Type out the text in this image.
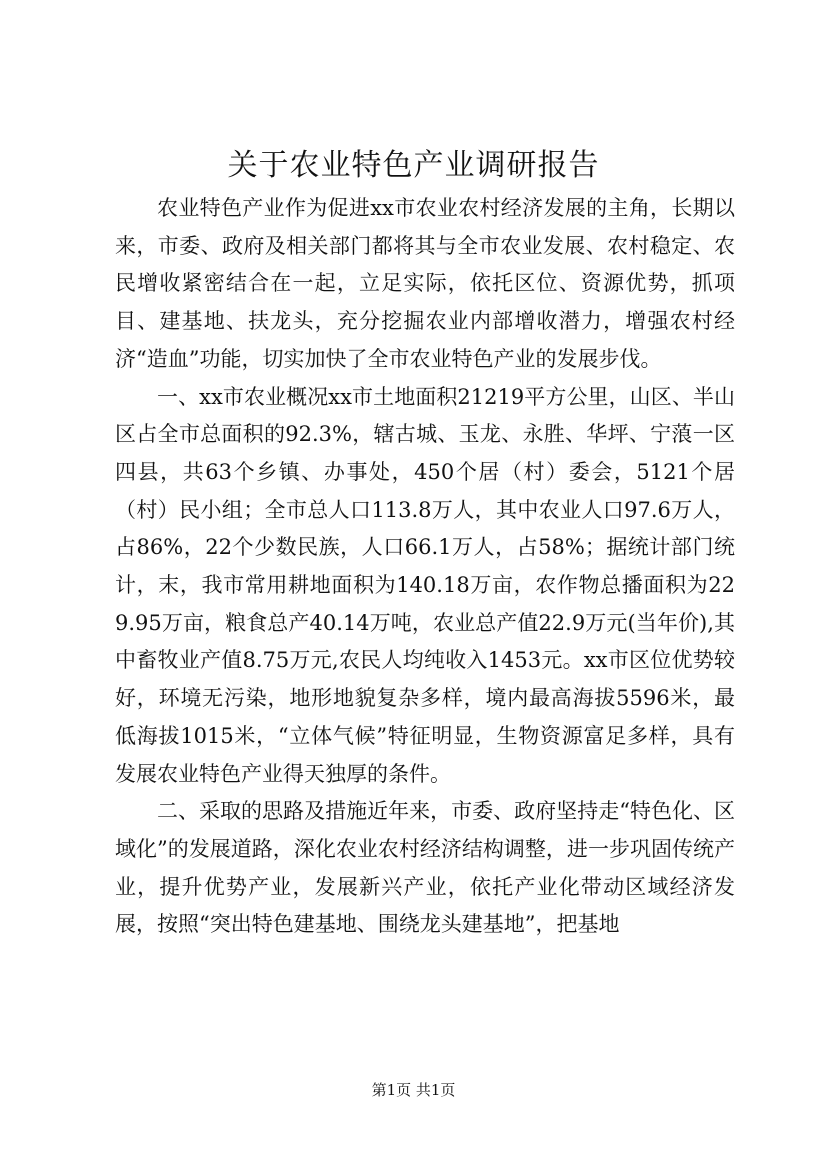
关于农业特色产业调研报告

农业特色产业作为促进xx市农业农村经济发展的主角，长期以来，市委、政府及相关部门都将其与全市农业发展、农村稳定、农民增收紧密结合在一起，立足实际，依托区位、资源优势，抓项目、建基地、扶龙头，充分挖掘农业内部增收潜力，增强农村经济“造血”功能，切实加快了全市农业特色产业的发展步伐。

一、xx市农业概况xx市土地面积21219平方公里，山区、半山区占全市总面积的92.3%，辖古城、玉龙、永胜、华坪、宁蒗一区四县，共63个乡镇、办事处，450个居（村）委会，5121个居（村）民小组；全市总人口113.8万人，其中农业人口97.6万人，占86%，22个少数民族，人口66.1万人，占58%；据统计部门统计，末，我市常用耕地面积为140.18万亩，农作物总播面积为229.95万亩，粮食总产40.14万吨，农业总产值22.9万元(当年价),其中畜牧业产值8.75万元,农民人均纯收入1453元。xx市区位优势较好，环境无污染，地形地貌复杂多样，境内最高海拔5596米，最低海拔1015米，“立体气候”特征明显，生物资源富足多样，具有发展农业特色产业得天独厚的条件。

二、采取的思路及措施近年来，市委、政府坚持走“特色化、区域化”的发展道路，深化农业农村经济结构调整，进一步巩固传统产业，提升优势产业，发展新兴产业，依托产业化带动区域经济发展，按照“突出特色建基地、围绕龙头建基地”，把基地

第1页 共1页
